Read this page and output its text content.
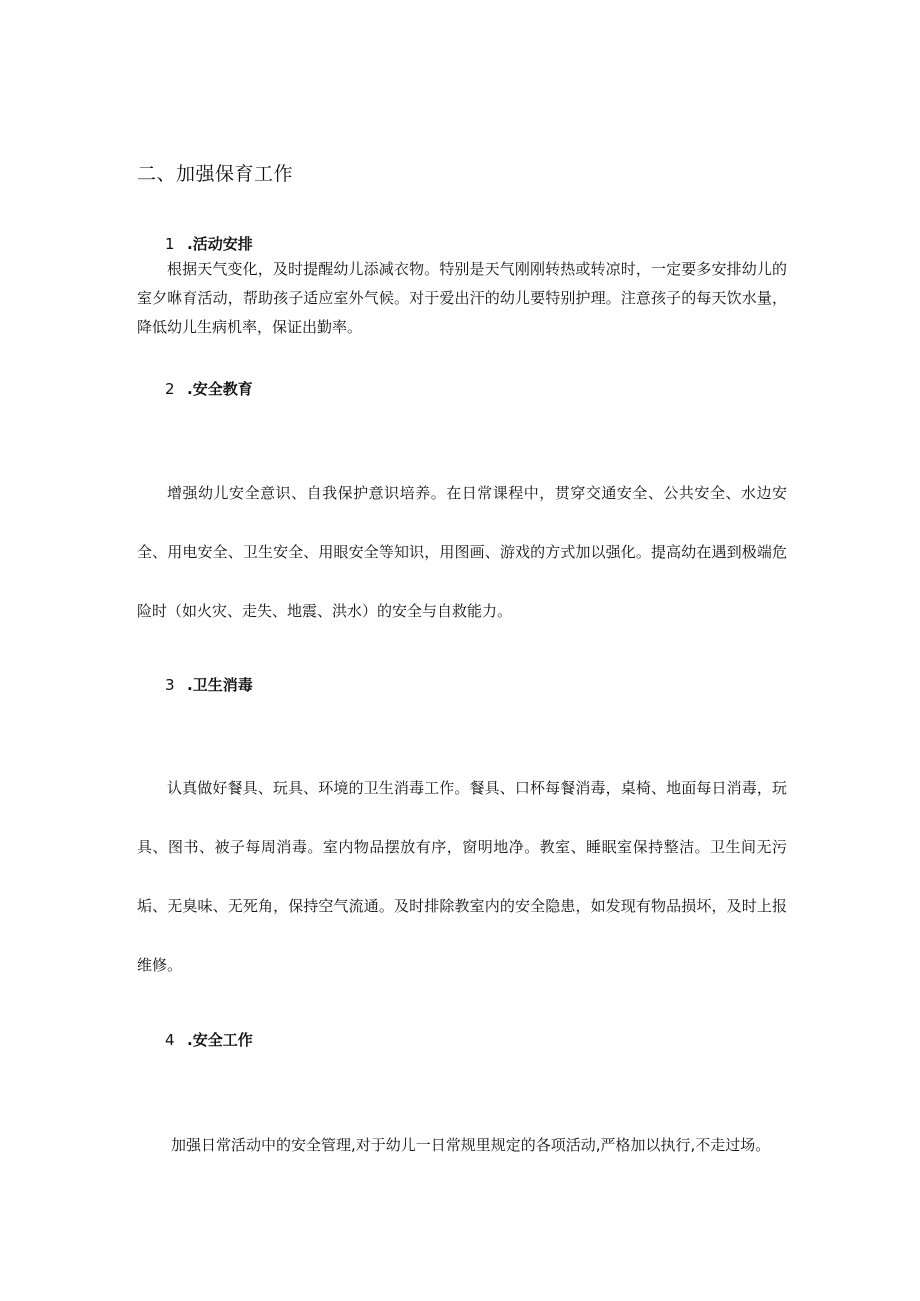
二、加强保育工作
1 .活动安排

根据天气变化，及时提醒幼儿添减衣物。特别是天气刚刚转热或转凉时，一定要多安排幼儿的室夕咻育活动，帮助孩子适应室外气候。对于爱出汗的幼儿要特别护理。注意孩子的每天饮水量，降低幼儿生病机率，保证出勤率。

2 .安全教育

增强幼儿安全意识、自我保护意识培养。在日常课程中，贯穿交通安全、公共安全、水边安全、用电安全、卫生安全、用眼安全等知识，用图画、游戏的方式加以强化。提高幼在遇到极端危险时（如火灾、走失、地震、洪水）的安全与自救能力。

3 .卫生消毒

认真做好餐具、玩具、环境的卫生消毒工作。餐具、口杯每餐消毒，桌椅、地面每日消毒，玩具、图书、被子每周消毒。室内物品摆放有序，窗明地净。教室、睡眠室保持整洁。卫生间无污垢、无臭味、无死角，保持空气流通。及时排除教室内的安全隐患，如发现有物品损坏，及时上报维修。

4 .安全工作

加强日常活动中的安全管理,对于幼儿一日常规里规定的各项活动,严格加以执行,不走过场。
